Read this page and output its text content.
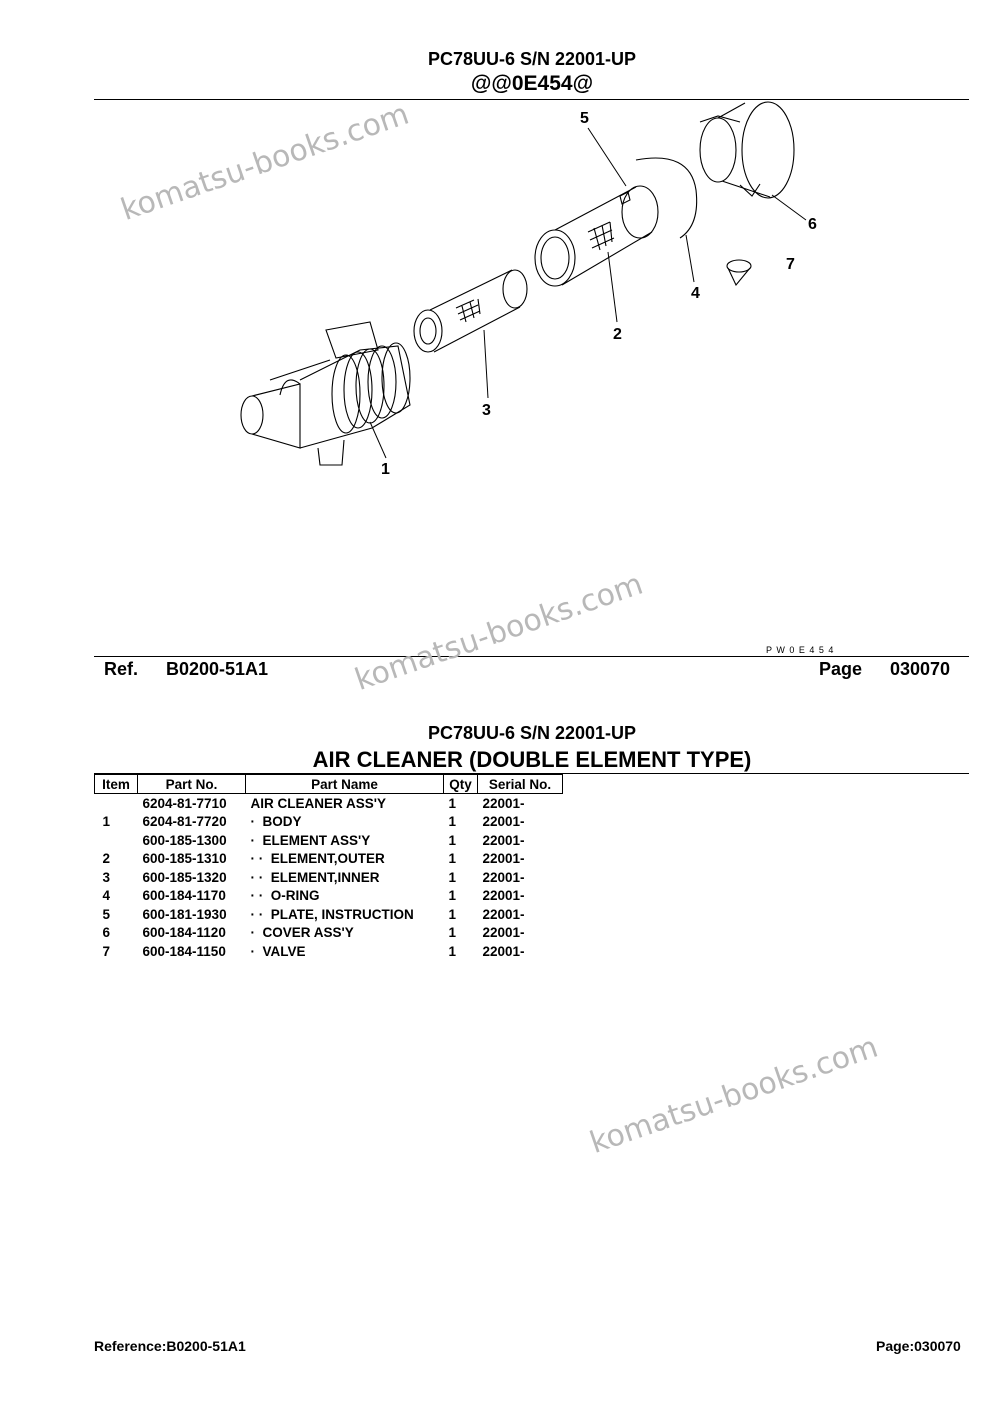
PC78UU-6 S/N 22001-UP
@@0E454@
1
2
3
4
5
6
7
P W 0 E 4 5 4
Ref. B0200-51A1	Page 030070
PC78UU-6 S/N 22001-UP
AIR CLEANER (DOUBLE ELEMENT TYPE)
Item	Part No.	Part Name	Qty	Serial No.
	6204-81-7710	AIR CLEANER ASS'Y	1	22001-
1	6204-81-7720	·  BODY	1	22001-
	600-185-1300	·  ELEMENT ASS'Y	1	22001-
2	600-185-1310	· ·  ELEMENT,OUTER	1	22001-
3	600-185-1320	· ·  ELEMENT,INNER	1	22001-
4	600-184-1170	· ·  O-RING	1	22001-
5	600-181-1930	· ·  PLATE, INSTRUCTION	1	22001-
6	600-184-1120	·  COVER ASS'Y	1	22001-
7	600-184-1150	·  VALVE	1	22001-
komatsu-books.com
komatsu-books.com
komatsu-books.com
Reference:B0200-51A1	Page:030070
